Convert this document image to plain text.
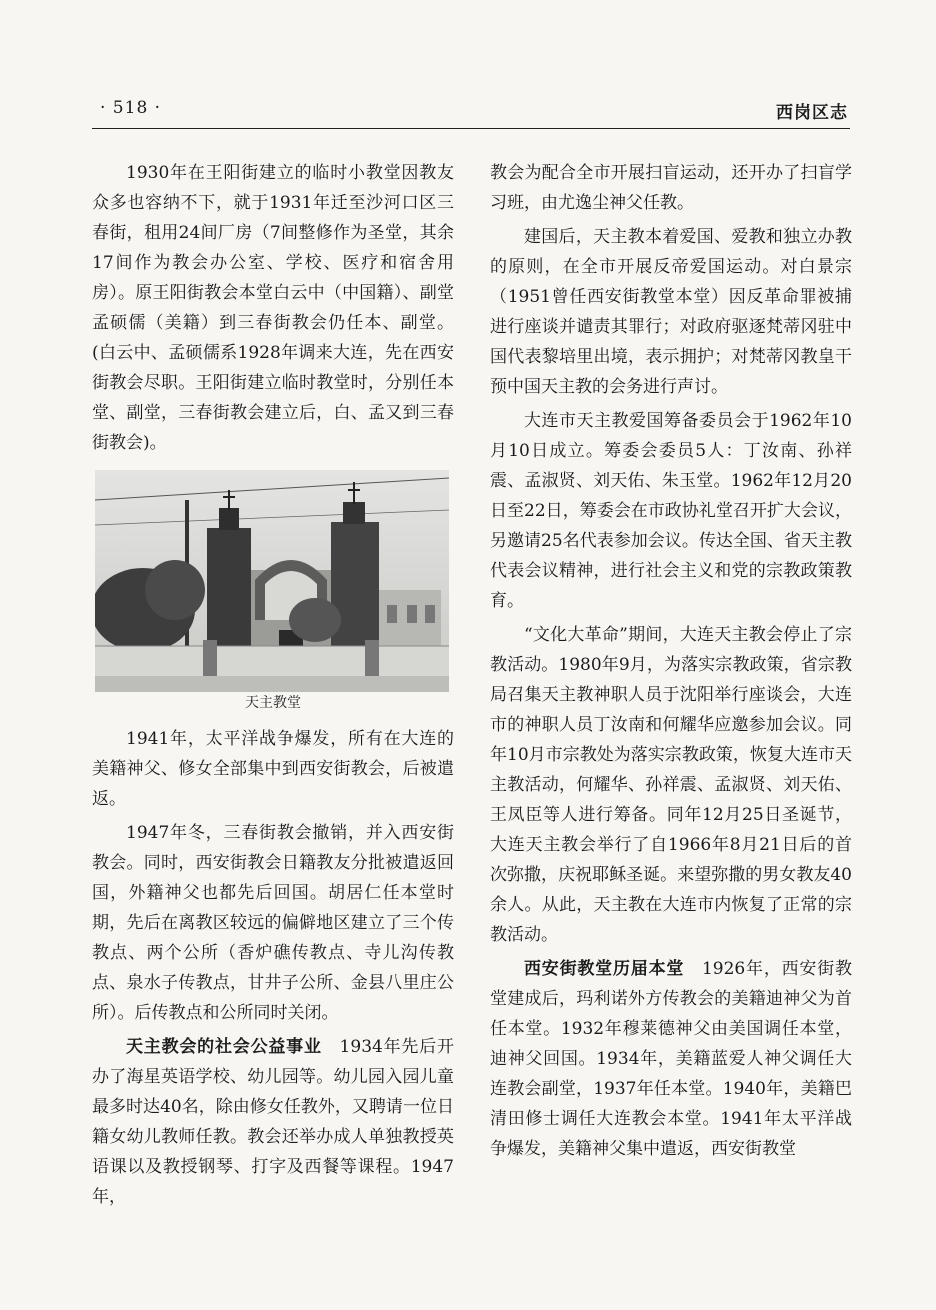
· 518 ·	西岗区志

1930年在王阳街建立的临时小教堂因教友众多也容纳不下，就于1931年迁至沙河口区三春街，租用24间厂房（7间整修作为圣堂，其余17间作为教会办公室、学校、医疗和宿舍用房）。原王阳街教会本堂白云中（中国籍）、副堂孟硕儒（美籍）到三春街教会仍任本、副堂。(白云中、孟硕儒系1928年调来大连，先在西安街教会尽职。王阳街建立临时教堂时，分别任本堂、副堂，三春街教会建立后，白、孟又到三春街教会)。

天主教堂

1941年，太平洋战争爆发，所有在大连的美籍神父、修女全部集中到西安街教会，后被遣返。

1947年冬，三春街教会撤销，并入西安街教会。同时，西安街教会日籍教友分批被遣返回国，外籍神父也都先后回国。胡居仁任本堂时期，先后在离教区较远的偏僻地区建立了三个传教点、两个公所（香炉礁传教点、寺儿沟传教点、泉水子传教点，甘井子公所、金县八里庄公所）。后传教点和公所同时关闭。

天主教会的社会公益事业　1934年先后开办了海星英语学校、幼儿园等。幼儿园入园儿童最多时达40名，除由修女任教外，又聘请一位日籍女幼儿教师任教。教会还举办成人单独教授英语课以及教授钢琴、打字及西餐等课程。1947年，

教会为配合全市开展扫盲运动，还开办了扫盲学习班，由尤逸尘神父任教。

建国后，天主教本着爱国、爱教和独立办教的原则，在全市开展反帝爱国运动。对白景宗（1951曾任西安街教堂本堂）因反革命罪被捕进行座谈并谴责其罪行；对政府驱逐梵蒂冈驻中国代表黎培里出境，表示拥护；对梵蒂冈教皇干预中国天主教的会务进行声讨。

大连市天主教爱国筹备委员会于1962年10月10日成立。筹委会委员5人：丁汝南、孙祥震、孟淑贤、刘天佑、朱玉堂。1962年12月20日至22日，筹委会在市政协礼堂召开扩大会议，另邀请25名代表参加会议。传达全国、省天主教代表会议精神，进行社会主义和党的宗教政策教育。

“文化大革命”期间，大连天主教会停止了宗教活动。1980年9月，为落实宗教政策，省宗教局召集天主教神职人员于沈阳举行座谈会，大连市的神职人员丁汝南和何耀华应邀参加会议。同年10月市宗教处为落实宗教政策，恢复大连市天主教活动，何耀华、孙祥震、孟淑贤、刘天佑、王凤臣等人进行筹备。同年12月25日圣诞节，大连天主教会举行了自1966年8月21日后的首次弥撒，庆祝耶稣圣诞。来望弥撒的男女教友40余人。从此，天主教在大连市内恢复了正常的宗教活动。

西安街教堂历届本堂　1926年，西安街教堂建成后，玛利诺外方传教会的美籍迪神父为首任本堂。1932年穆莱德神父由美国调任本堂，迪神父回国。1934年，美籍蓝爱人神父调任大连教会副堂，1937年任本堂。1940年，美籍巴清田修士调任大连教会本堂。1941年太平洋战争爆发，美籍神父集中遣返，西安街教堂
